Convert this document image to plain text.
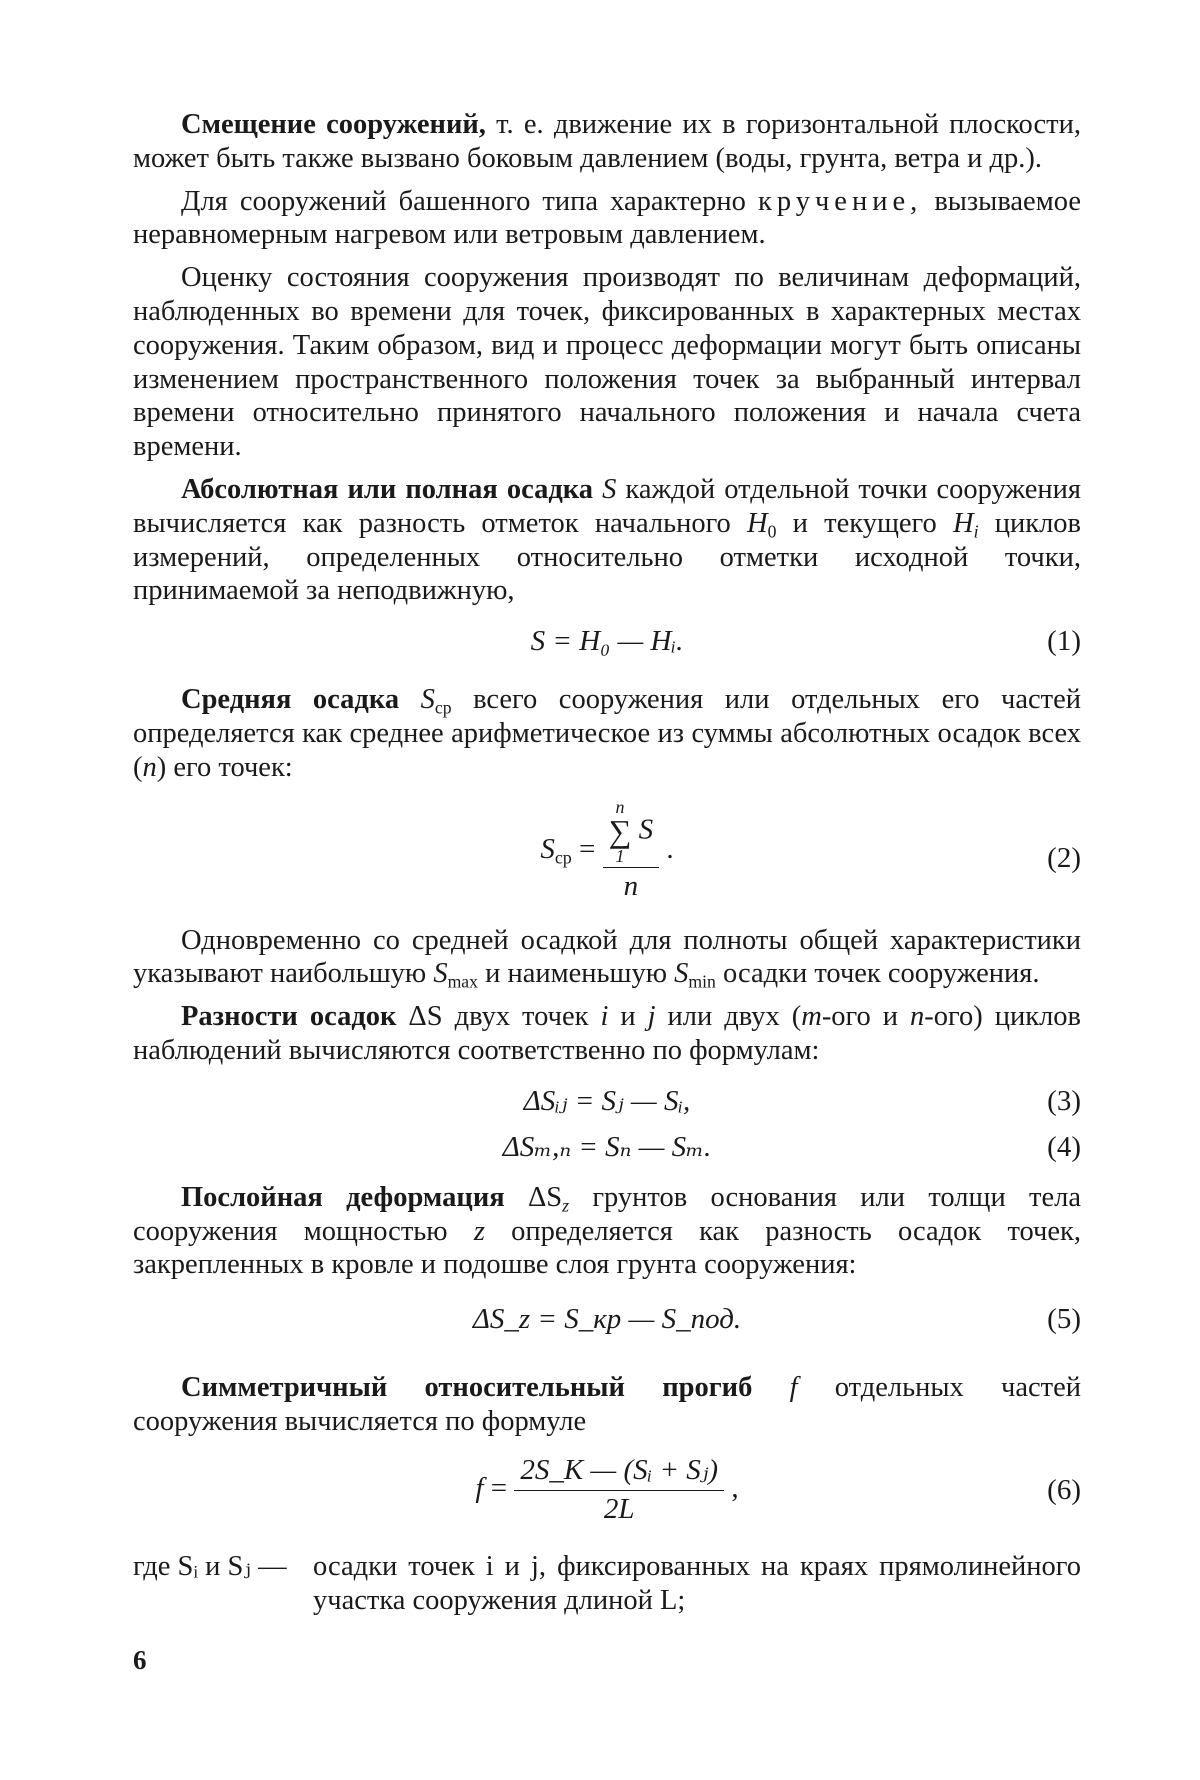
Смещение сооружений, т. е. движение их в горизонтальной плоскости, может быть также вызвано боковым давлением (воды, грунта, ветра и др.).

Для сооружений башенного типа характерно кручение, вызываемое неравномерным нагревом или ветровым давлением.

Оценку состояния сооружения производят по величинам деформаций, наблюденных во времени для точек, фиксированных в характерных местах сооружения. Таким образом, вид и процесс деформации могут быть описаны изменением пространственного положения точек за выбранный интервал времени относительно принятого начального положения и начала счета времени.

Абсолютная или полная осадка S каждой отдельной точки сооружения вычисляется как разность отметок начального $H_0$ и текущего $H_i$ циклов измерений, определенных относительно отметки исходной точки, принимаемой за неподвижную,

S = H₀ — Hᵢ.	(1)

Средняя осадка $S_{ср}$ всего сооружения или отдельных его частей определяется как среднее арифметическое из суммы абсолютных осадок всех (n) его точек:

$S_{ср} = n$
∑
1
S
n .	(2)

Одновременно со средней осадкой для полноты общей характеристики указывают наибольшую $S_{max}$ и наименьшую $S_{min}$ осадки точек сооружения.

Разности осадок ΔS двух точек i и j или двух (m-ого и n-ого) циклов наблюдений вычисляются соответственно по формулам:

ΔSᵢⱼ = Sⱼ — Sᵢ,	(3)
ΔSₘ,ₙ = Sₙ — Sₘ.	(4)

Послойная деформация $\Delta S_z$ грунтов основания или толщи тела сооружения мощностью z определяется как разность осадок точек, закрепленных в кровле и подошве слоя грунта сооружения:

ΔS_z = S_кр — S_под.	(5)

Симметричный относительный прогиб f отдельных частей сооружения вычисляется по формуле

$f = \frac{\text{2S\_K — (Sᵢ + Sⱼ)}}{2L}$ ,	(6)

где Sᵢ и Sⱼ — осадки точек i и j, фиксированных на краях прямолинейного участка сооружения длиной L;

6
